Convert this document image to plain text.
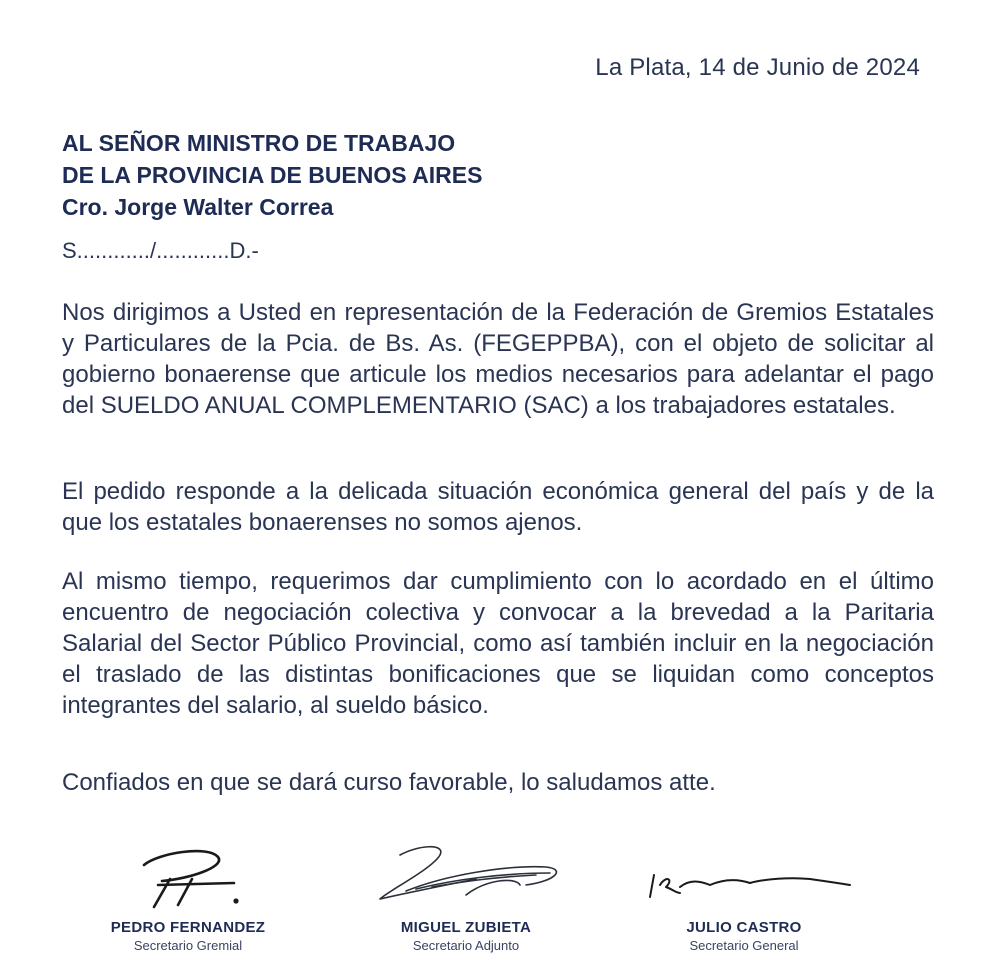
La Plata, 14 de Junio de 2024
AL SEÑOR MINISTRO DE TRABAJO
DE LA PROVINCIA DE BUENOS AIRES
Cro. Jorge Walter Correa
S............/............D.-

Nos dirigimos a Usted en representación de la Federación de Gremios Estatales y Particulares de la Pcia. de Bs. As. (FEGEPPBA), con el objeto de solicitar al gobierno bonaerense que articule los medios necesarios para adelantar el pago del SUELDO ANUAL COMPLEMENTARIO (SAC) a los trabajadores estatales.

El pedido responde a la delicada situación económica general del país y de la que los estatales bonaerenses no somos ajenos.

Al mismo tiempo, requerimos dar cumplimiento con lo acordado en el último encuentro de negociación colectiva y convocar a la brevedad a la Paritaria Salarial del Sector Público Provincial, como así también incluir en la negociación el traslado de las distintas bonificaciones que se liquidan como conceptos integrantes del salario, al sueldo básico.

Confiados en que se dará curso favorable, lo saludamos atte.

PEDRO FERNANDEZ
Secretario Gremial
MIGUEL ZUBIETA
Secretario Adjunto
JULIO CASTRO
Secretario General
